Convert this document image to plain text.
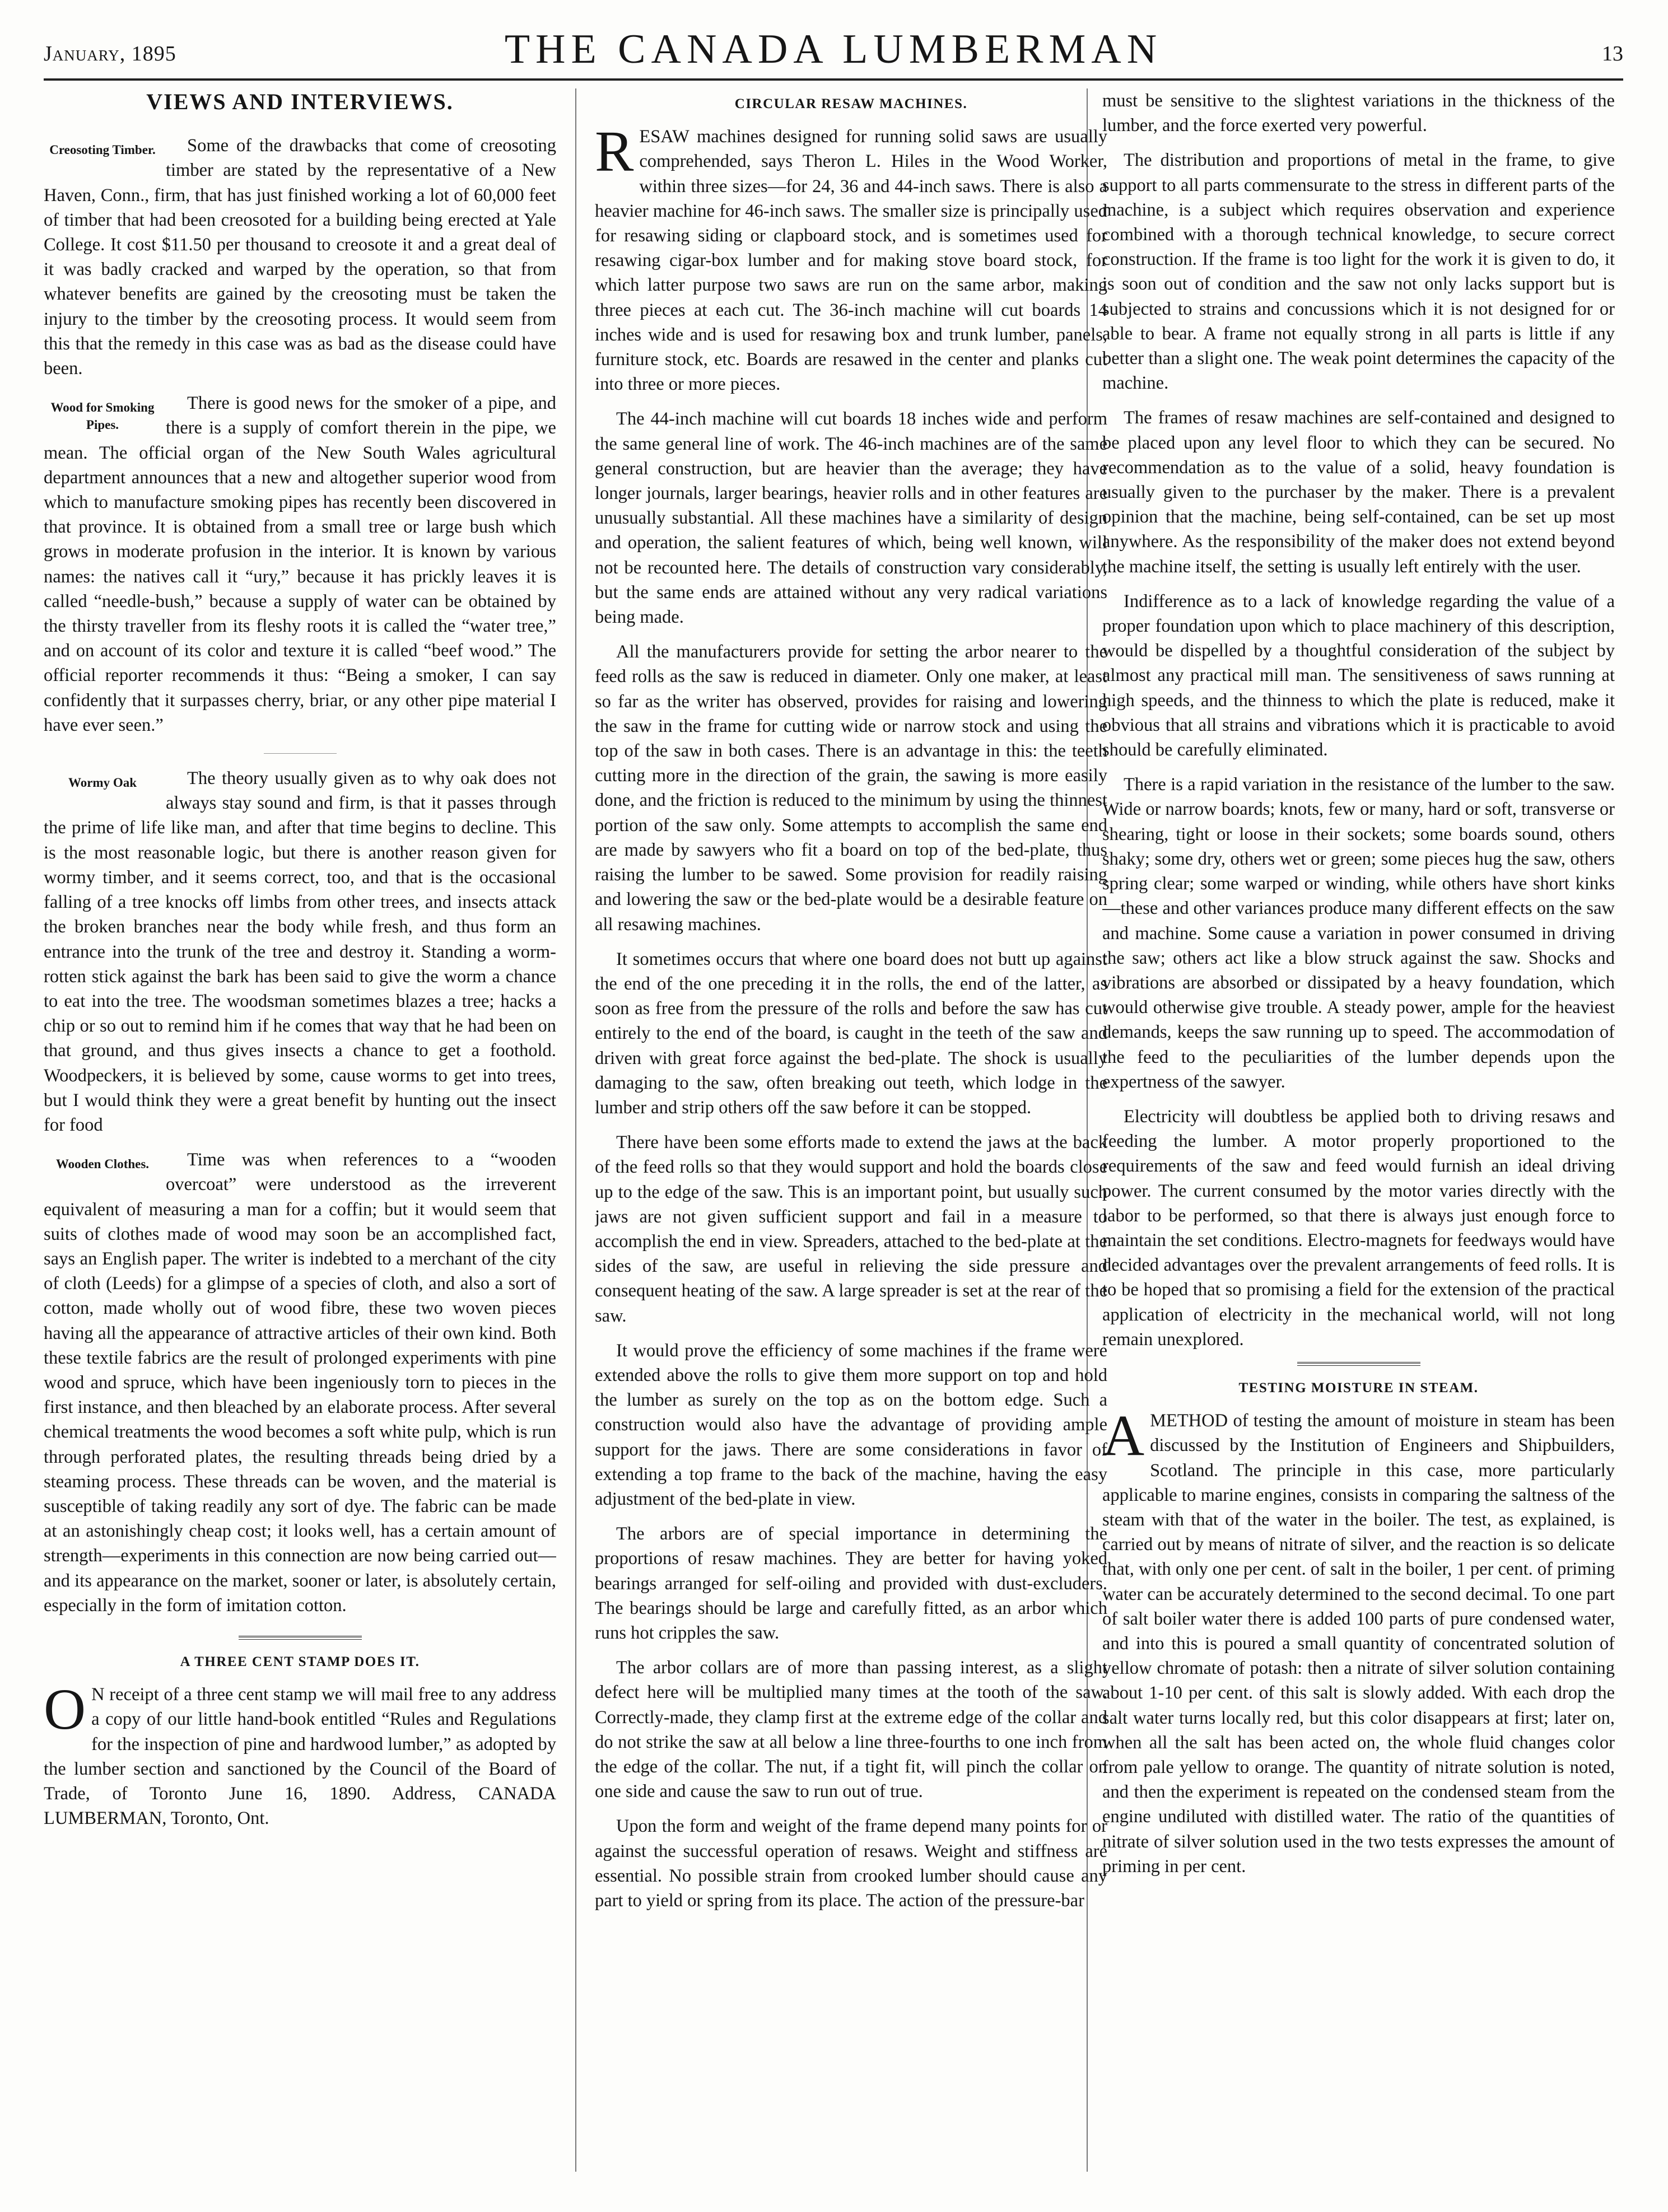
January, 1895	THE CANADA LUMBERMAN	13
VIEWS AND INTERVIEWS.
Creosoting Timber.	Some of the drawbacks that come of creosoting timber are stated by the representative of a New Haven, Conn., firm, that has just finished working a lot of 60,000 feet of timber that had been creosoted for a building being erected at Yale College. It cost $11.50 per thousand to creosote it and a great deal of it was badly cracked and warped by the operation, so that from whatever benefits are gained by the creosoting must be taken the injury to the timber by the creosoting process. It would seem from this that the remedy in this case was as bad as the disease could have been.

Wood for Smoking Pipes.

There is good news for the smoker of a pipe, and there is a supply of comfort therein in the pipe, we mean. The official organ of the New South Wales agricultural department announces that a new and altogether superior wood from which to manufacture smoking pipes has recently been discovered in that province. It is obtained from a small tree or large bush which grows in moderate profusion in the interior. It is known by various names: the natives call it “ury,” because it has prickly leaves it is called “needle-bush,” because a supply of water can be obtained by the thirsty traveller from its fleshy roots it is called the “water tree,” and on account of its color and texture it is called “beef wood.” The official reporter recommends it thus: “Being a smoker, I can say confidently that it surpasses cherry, briar, or any other pipe material I have ever seen.”

Wormy Oak	The theory usually given as to why oak does not always stay sound and firm, is that it passes through the prime of life like man, and after that time begins to decline. This is the most reasonable logic, but there is another reason given for wormy timber, and it seems correct, too, and that is the occasional falling of a tree knocks off limbs from other trees, and insects attack the broken branches near the body while fresh, and thus form an entrance into the trunk of the tree and destroy it. Standing a worm-rotten stick against the bark has been said to give the worm a chance to eat into the tree. The woodsman sometimes blazes a tree; hacks a chip or so out to remind him if he comes that way that he had been on that ground, and thus gives insects a chance to get a foothold. Woodpeckers, it is believed by some, cause worms to get into trees, but I would think they were a great benefit by hunting out the insect for food

Wooden Clothes.	Time was when references to a “wooden overcoat” were understood as the irreverent equivalent of measuring a man for a coffin; but it would seem that suits of clothes made of wood may soon be an accomplished fact, says an English paper. The writer is indebted to a merchant of the city of cloth (Leeds) for a glimpse of a species of cloth, and also a sort of cotton, made wholly out of wood fibre, these two woven pieces having all the appearance of attractive articles of their own kind. Both these textile fabrics are the result of prolonged experiments with pine wood and spruce, which have been ingeniously torn to pieces in the first instance, and then bleached by an elaborate process. After several chemical treatments the wood becomes a soft white pulp, which is run through perforated plates, the resulting threads being dried by a steaming process. These threads can be woven, and the material is susceptible of taking readily any sort of dye. The fabric can be made at an astonishingly cheap cost; it looks well, has a certain amount of strength—experiments in this connection are now being carried out—and its appearance on the market, sooner or later, is absolutely certain, especially in the form of imitation cotton.

A THREE CENT STAMP DOES IT.
O N receipt of a three cent stamp we will mail free to any address a copy of our little hand-book entitled “Rules and Regulations for the inspection of pine and hardwood lumber,” as adopted by the lumber section and sanctioned by the Council of the Board of Trade, of Toronto June 16, 1890. Address, CANADA LUMBERMAN, Toronto, Ont.

CIRCULAR RESAW MACHINES.
R ESAW machines designed for running solid saws are usually comprehended, says Theron L. Hiles in the Wood Worker, within three sizes—for 24, 36 and 44-inch saws. There is also a heavier machine for 46-inch saws. The smaller size is principally used for resawing siding or clapboard stock, and is sometimes used for resawing cigar-box lumber and for making stove board stock, for which latter purpose two saws are run on the same arbor, making three pieces at each cut. The 36-inch machine will cut boards 14 inches wide and is used for resawing box and trunk lumber, panels, furniture stock, etc. Boards are resawed in the center and planks cut into three or more pieces.

The 44-inch machine will cut boards 18 inches wide and perform the same general line of work. The 46-inch machines are of the same general construction, but are heavier than the average; they have longer journals, larger bearings, heavier rolls and in other features are unusually substantial. All these machines have a similarity of design and operation, the salient features of which, being well known, will not be recounted here. The details of construction vary considerably, but the same ends are attained without any very radical variations being made.

All the manufacturers provide for setting the arbor nearer to the feed rolls as the saw is reduced in diameter. Only one maker, at least so far as the writer has observed, provides for raising and lowering the saw in the frame for cutting wide or narrow stock and using the top of the saw in both cases. There is an advantage in this: the teeth cutting more in the direction of the grain, the sawing is more easily done, and the friction is reduced to the minimum by using the thinnest portion of the saw only. Some attempts to accomplish the same end are made by sawyers who fit a board on top of the bed-plate, thus raising the lumber to be sawed. Some provision for readily raising and lowering the saw or the bed-plate would be a desirable feature on all resawing machines.

It sometimes occurs that where one board does not butt up against the end of the one preceding it in the rolls, the end of the latter, as soon as free from the pressure of the rolls and before the saw has cut entirely to the end of the board, is caught in the teeth of the saw and driven with great force against the bed-plate. The shock is usually damaging to the saw, often breaking out teeth, which lodge in the lumber and strip others off the saw before it can be stopped.

There have been some efforts made to extend the jaws at the back of the feed rolls so that they would support and hold the boards close up to the edge of the saw. This is an important point, but usually such jaws are not given sufficient support and fail in a measure to accomplish the end in view. Spreaders, attached to the bed-plate at the sides of the saw, are useful in relieving the side pressure and consequent heating of the saw. A large spreader is set at the rear of the saw.

It would prove the efficiency of some machines if the frame were extended above the rolls to give them more support on top and hold the lumber as surely on the top as on the bottom edge. Such a construction would also have the advantage of providing ample support for the jaws. There are some considerations in favor of extending a top frame to the back of the machine, having the easy adjustment of the bed-plate in view.

The arbors are of special importance in determining the proportions of resaw machines. They are better for having yoked bearings arranged for self-oiling and provided with dust-excluders. The bearings should be large and carefully fitted, as an arbor which runs hot cripples the saw.

The arbor collars are of more than passing interest, as a slight defect here will be multiplied many times at the tooth of the saw. Correctly-made, they clamp first at the extreme edge of the collar and do not strike the saw at all below a line three-fourths to one inch from the edge of the collar. The nut, if a tight fit, will pinch the collar on one side and cause the saw to run out of true.

Upon the form and weight of the frame depend many points for or against the successful operation of resaws. Weight and stiffness are essential. No possible strain from crooked lumber should cause any part to yield or spring from its place. The action of the pressure-bar

must be sensitive to the slightest variations in the thickness of the lumber, and the force exerted very powerful.

The distribution and proportions of metal in the frame, to give support to all parts commensurate to the stress in different parts of the machine, is a subject which requires observation and experience combined with a thorough technical knowledge, to secure correct construction. If the frame is too light for the work it is given to do, it is soon out of condition and the saw not only lacks support but is subjected to strains and concussions which it is not designed for or able to bear. A frame not equally strong in all parts is little if any better than a slight one. The weak point determines the capacity of the machine.

The frames of resaw machines are self-contained and designed to be placed upon any level floor to which they can be secured. No recommendation as to the value of a solid, heavy foundation is usually given to the purchaser by the maker. There is a prevalent opinion that the machine, being self-contained, can be set up most anywhere. As the responsibility of the maker does not extend beyond the machine itself, the setting is usually left entirely with the user.

Indifference as to a lack of knowledge regarding the value of a proper foundation upon which to place machinery of this description, would be dispelled by a thoughtful consideration of the subject by almost any practical mill man. The sensitiveness of saws running at high speeds, and the thinness to which the plate is reduced, make it obvious that all strains and vibrations which it is practicable to avoid should be carefully eliminated.

There is a rapid variation in the resistance of the lumber to the saw. Wide or narrow boards; knots, few or many, hard or soft, transverse or shearing, tight or loose in their sockets; some boards sound, others shaky; some dry, others wet or green; some pieces hug the saw, others spring clear; some warped or winding, while others have short kinks—these and other variances produce many different effects on the saw and machine. Some cause a variation in power consumed in driving the saw; others act like a blow struck against the saw. Shocks and vibrations are absorbed or dissipated by a heavy foundation, which would otherwise give trouble. A steady power, ample for the heaviest demands, keeps the saw running up to speed. The accommodation of the feed to the peculiarities of the lumber depends upon the expertness of the sawyer.

Electricity will doubtless be applied both to driving resaws and feeding the lumber. A motor properly proportioned to the requirements of the saw and feed would furnish an ideal driving power. The current consumed by the motor varies directly with the labor to be performed, so that there is always just enough force to maintain the set conditions. Electro-magnets for feedways would have decided advantages over the prevalent arrangements of feed rolls. It is to be hoped that so promising a field for the extension of the practical application of electricity in the mechanical world, will not long remain unexplored.

TESTING MOISTURE IN STEAM.
A METHOD of testing the amount of moisture in steam has been discussed by the Institution of Engineers and Shipbuilders, Scotland. The principle in this case, more particularly applicable to marine engines, consists in comparing the saltness of the steam with that of the water in the boiler. The test, as explained, is carried out by means of nitrate of silver, and the reaction is so delicate that, with only one per cent. of salt in the boiler, 1 per cent. of priming water can be accurately determined to the second decimal. To one part of salt boiler water there is added 100 parts of pure condensed water, and into this is poured a small quantity of concentrated solution of yellow chromate of potash: then a nitrate of silver solution containing about 1-10 per cent. of this salt is slowly added. With each drop the salt water turns locally red, but this color disappears at first; later on, when all the salt has been acted on, the whole fluid changes color from pale yellow to orange. The quantity of nitrate solution is noted, and then the experiment is repeated on the condensed steam from the engine undiluted with distilled water. The ratio of the quantities of nitrate of silver solution used in the two tests expresses the amount of priming in per cent.
